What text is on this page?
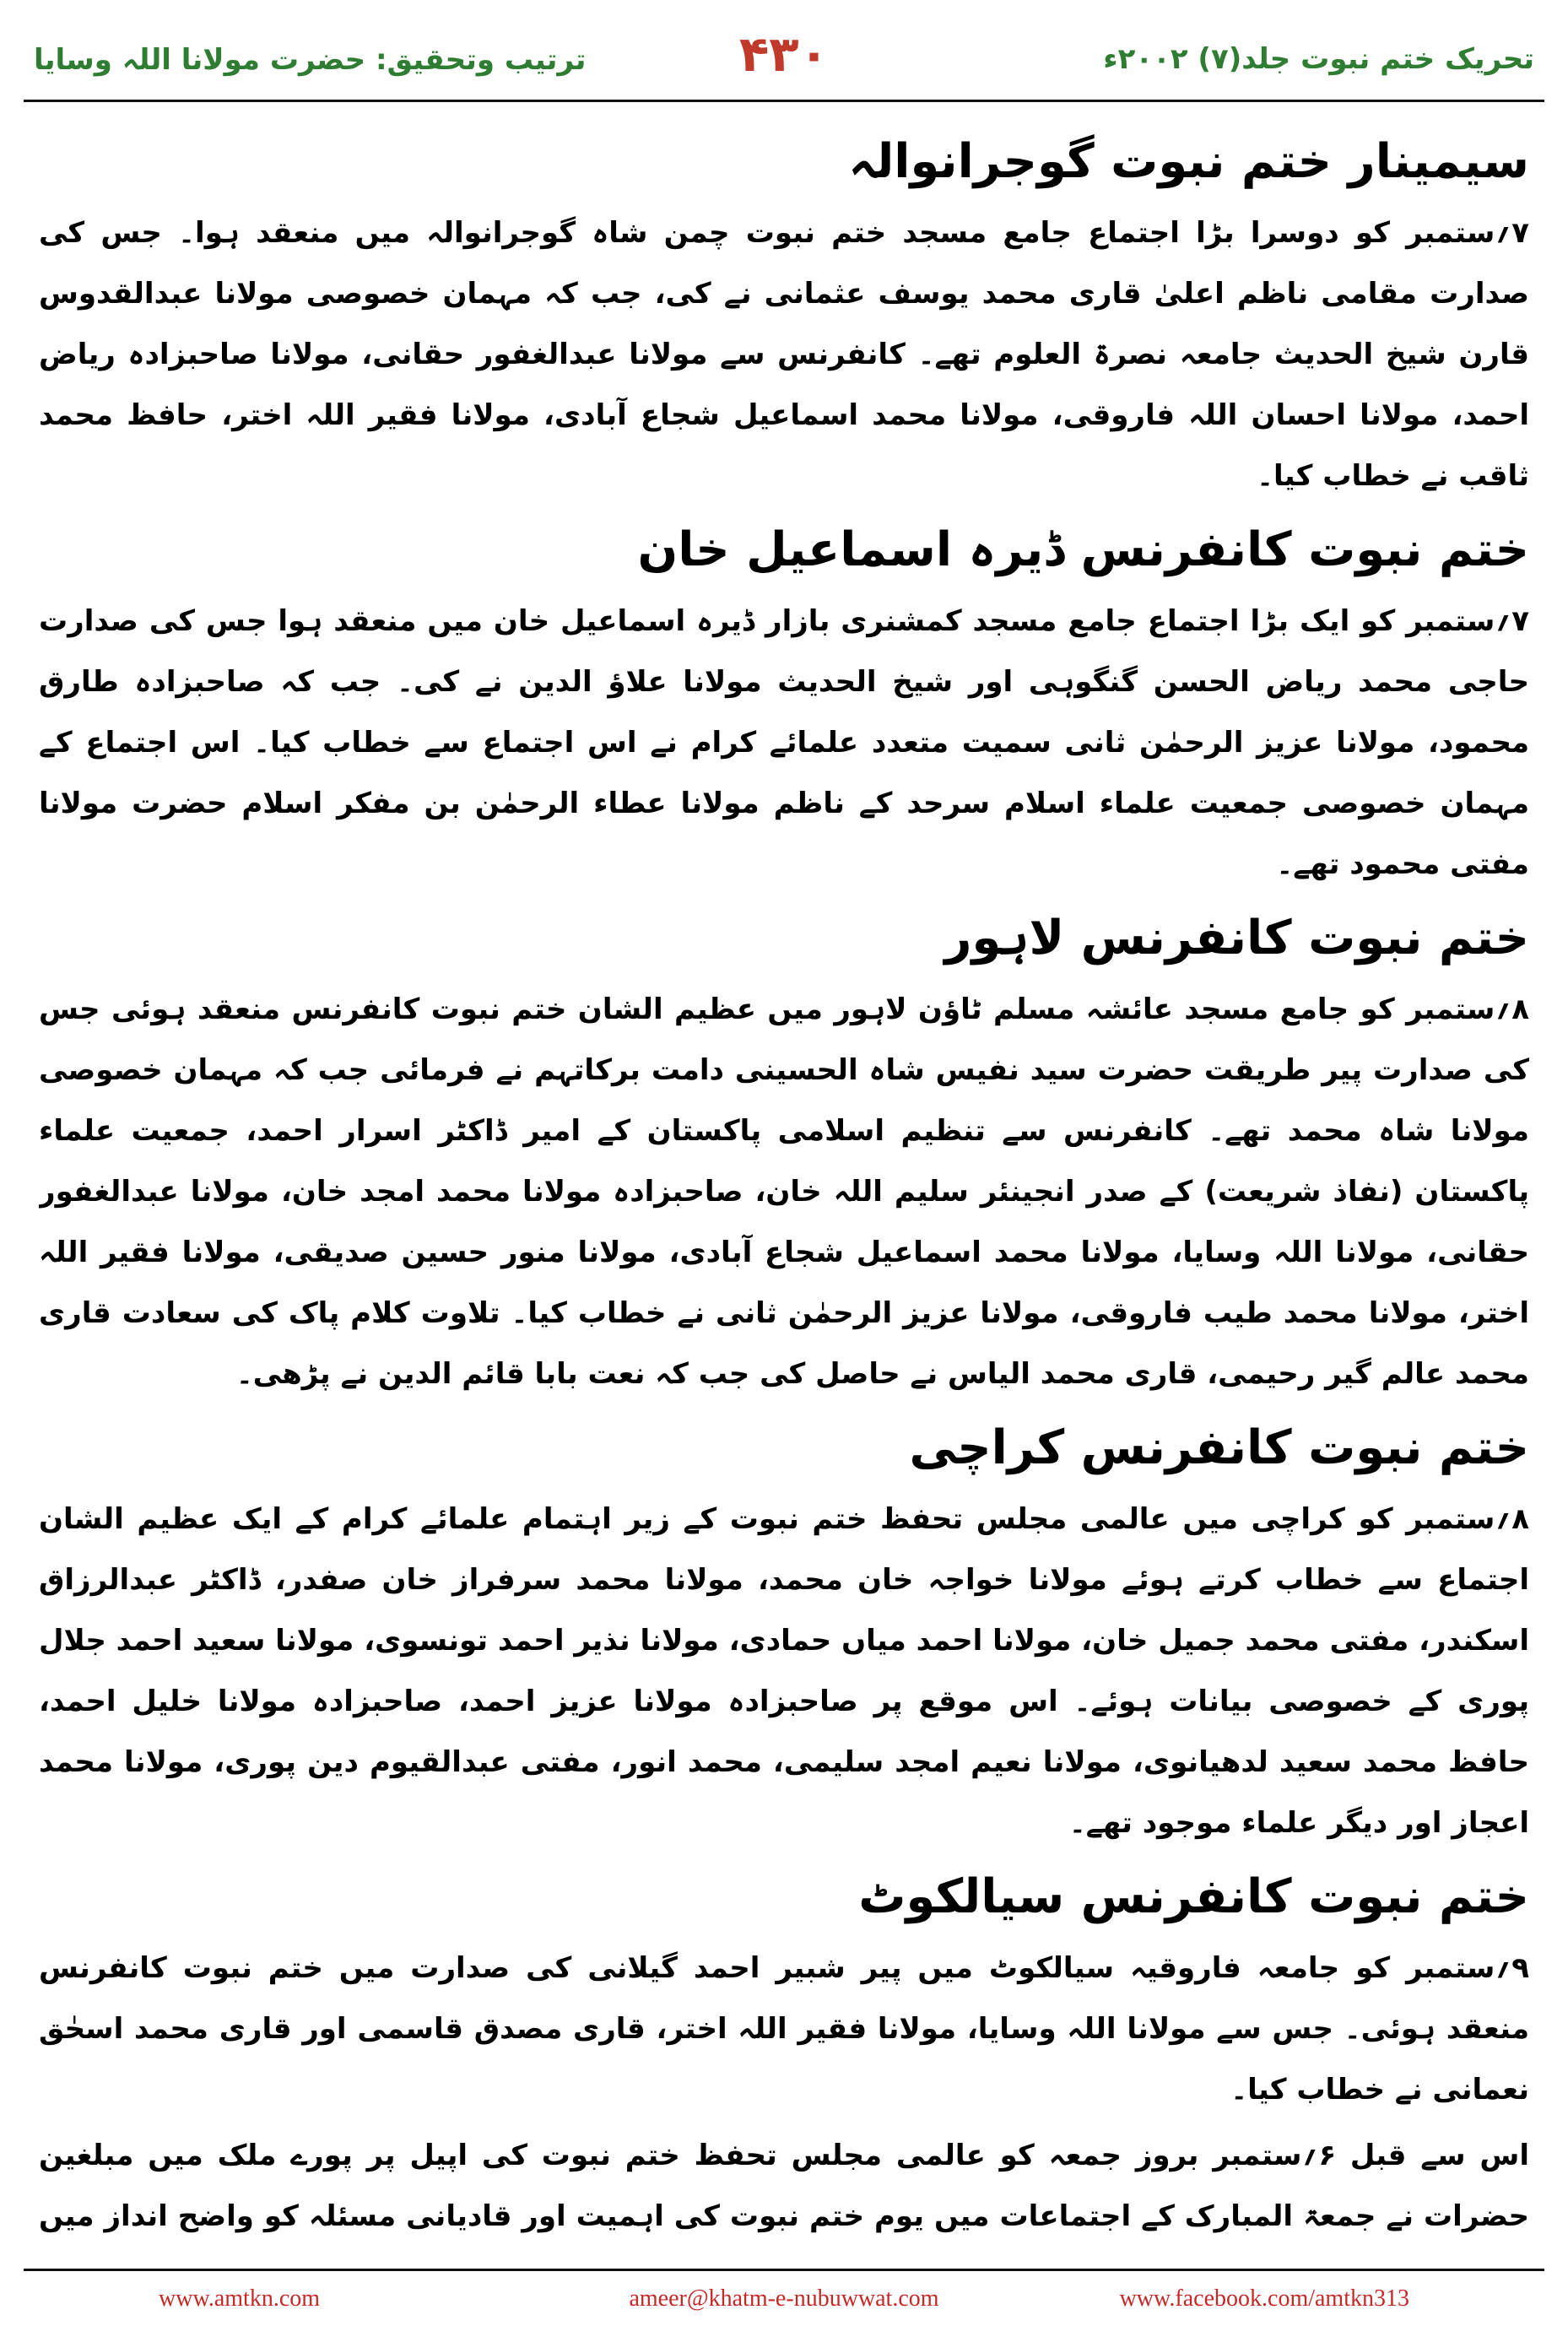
ترتیب وتحقیق: حضرت مولانا اللہ وسایا	۴۳۰	تحریک ختم نبوت جلد(۷) ۲۰۰۲ء
سیمینار ختم نبوت گوجرانوالہ

۷؍ستمبر کو دوسرا بڑا اجتماع جامع مسجد ختم نبوت چمن شاہ گوجرانوالہ میں منعقد ہوا۔ جس کی صدارت مقامی ناظم اعلیٰ قاری محمد یوسف عثمانی نے کی، جب کہ مہمان خصوصی مولانا عبدالقدوس قارن شیخ الحدیث جامعہ نصرۃ العلوم تھے۔ کانفرنس سے مولانا عبدالغفور حقانی، مولانا صاحبزادہ ریاض احمد، مولانا احسان اللہ فاروقی، مولانا محمد اسماعیل شجاع آبادی، مولانا فقیر اللہ اختر، حافظ محمد ثاقب نے خطاب کیا۔

ختم نبوت کانفرنس ڈیرہ اسماعیل خان

۷؍ستمبر کو ایک بڑا اجتماع جامع مسجد کمشنری بازار ڈیرہ اسماعیل خان میں منعقد ہوا جس کی صدارت حاجی محمد ریاض الحسن گنگوہی اور شیخ الحدیث مولانا علاؤ الدین نے کی۔ جب کہ صاحبزادہ طارق محمود، مولانا عزیز الرحمٰن ثانی سمیت متعدد علمائے کرام نے اس اجتماع سے خطاب کیا۔ اس اجتماع کے مہمان خصوصی جمعیت علماء اسلام سرحد کے ناظم مولانا عطاء الرحمٰن بن مفکر اسلام حضرت مولانا مفتی محمود تھے۔

ختم نبوت کانفرنس لاہور

۸؍ستمبر کو جامع مسجد عائشہ مسلم ٹاؤن لاہور میں عظیم الشان ختم نبوت کانفرنس منعقد ہوئی جس کی صدارت پیر طریقت حضرت سید نفیس شاہ الحسینی دامت برکاتہم نے فرمائی جب کہ مہمان خصوصی مولانا شاہ محمد تھے۔ کانفرنس سے تنظیم اسلامی پاکستان کے امیر ڈاکٹر اسرار احمد، جمعیت علماء پاکستان (نفاذ شریعت) کے صدر انجینئر سلیم اللہ خان، صاحبزادہ مولانا محمد امجد خان، مولانا عبدالغفور حقانی، مولانا اللہ وسایا، مولانا محمد اسماعیل شجاع آبادی، مولانا منور حسین صدیقی، مولانا فقیر اللہ اختر، مولانا محمد طیب فاروقی، مولانا عزیز الرحمٰن ثانی نے خطاب کیا۔ تلاوت کلام پاک کی سعادت قاری محمد عالم گیر رحیمی، قاری محمد الیاس نے حاصل کی جب کہ نعت بابا قائم الدین نے پڑھی۔

ختم نبوت کانفرنس کراچی

۸؍ستمبر کو کراچی میں عالمی مجلس تحفظ ختم نبوت کے زیر اہتمام علمائے کرام کے ایک عظیم الشان اجتماع سے خطاب کرتے ہوئے مولانا خواجہ خان محمد، مولانا محمد سرفراز خان صفدر، ڈاکٹر عبدالرزاق اسکندر، مفتی محمد جمیل خان، مولانا احمد میاں حمادی، مولانا نذیر احمد تونسوی، مولانا سعید احمد جلال پوری کے خصوصی بیانات ہوئے۔ اس موقع پر صاحبزادہ مولانا عزیز احمد، صاحبزادہ مولانا خلیل احمد، حافظ محمد سعید لدھیانوی، مولانا نعیم امجد سلیمی، محمد انور، مفتی عبدالقیوم دین پوری، مولانا محمد اعجاز اور دیگر علماء موجود تھے۔

ختم نبوت کانفرنس سیالکوٹ

۹؍ستمبر کو جامعہ فاروقیہ سیالکوٹ میں پیر شبیر احمد گیلانی کی صدارت میں ختم نبوت کانفرنس منعقد ہوئی۔ جس سے مولانا اللہ وسایا، مولانا فقیر اللہ اختر، قاری مصدق قاسمی اور قاری محمد اسحٰق نعمانی نے خطاب کیا۔

اس سے قبل ۶؍ستمبر بروز جمعہ کو عالمی مجلس تحفظ ختم نبوت کی اپیل پر پورے ملک میں مبلغین حضرات نے جمعۃ المبارک کے اجتماعات میں یوم ختم نبوت کی اہمیت اور قادیانی مسئلہ کو واضح انداز میں

www.amtkn.com	ameer@khatm-e-nubuwwat.com	www.facebook.com/amtkn313
